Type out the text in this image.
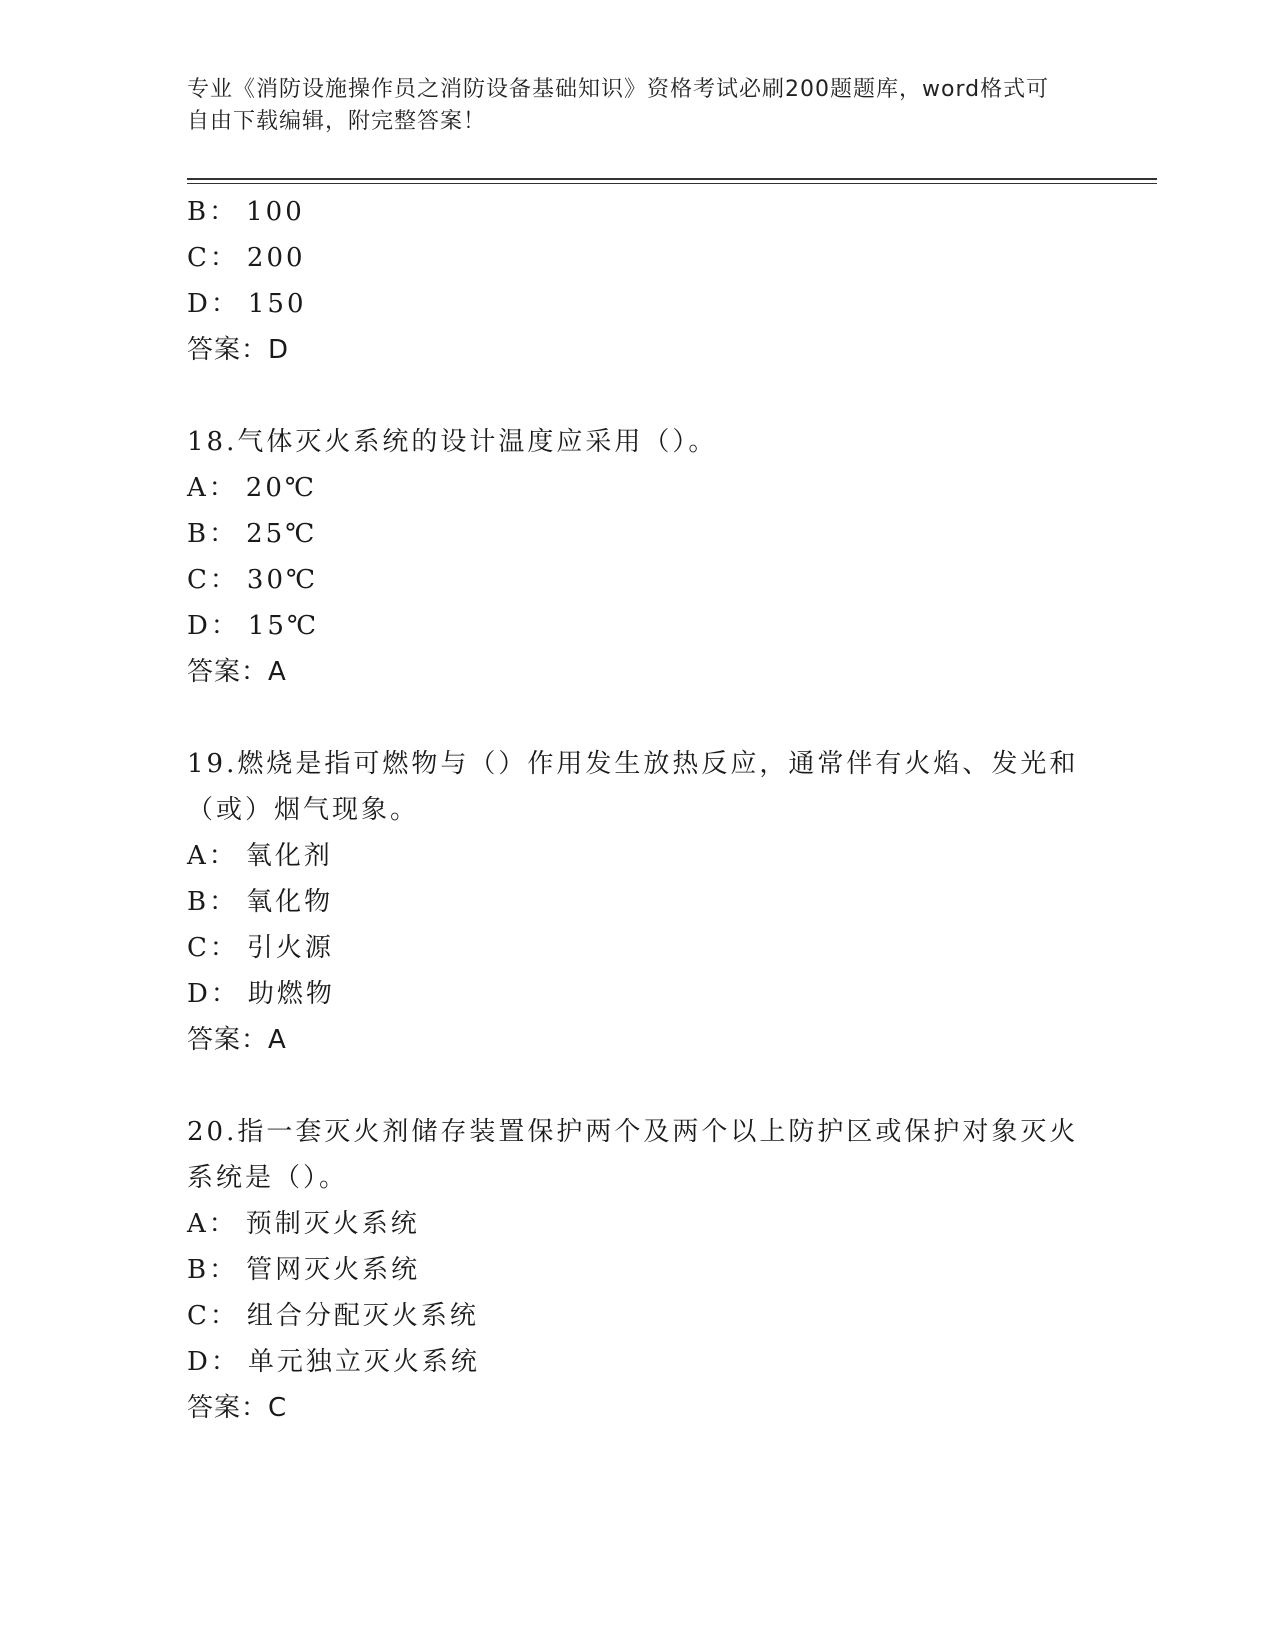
专业《消防设施操作员之消防设备基础知识》资格考试必刷200题题库，word格式可自由下载编辑，附完整答案！
B： 100
C： 200
D： 150
答案：D
18.气体灭火系统的设计温度应采用（）。
A： 20℃
B： 25℃
C： 30℃
D： 15℃
答案：A
19.燃烧是指可燃物与（）作用发生放热反应，通常伴有火焰、发光和（或）烟气现象。
A： 氧化剂
B： 氧化物
C： 引火源
D： 助燃物
答案：A
20.指一套灭火剂储存装置保护两个及两个以上防护区或保护对象灭火系统是（）。
A： 预制灭火系统
B： 管网灭火系统
C： 组合分配灭火系统
D： 单元独立灭火系统
答案：C
